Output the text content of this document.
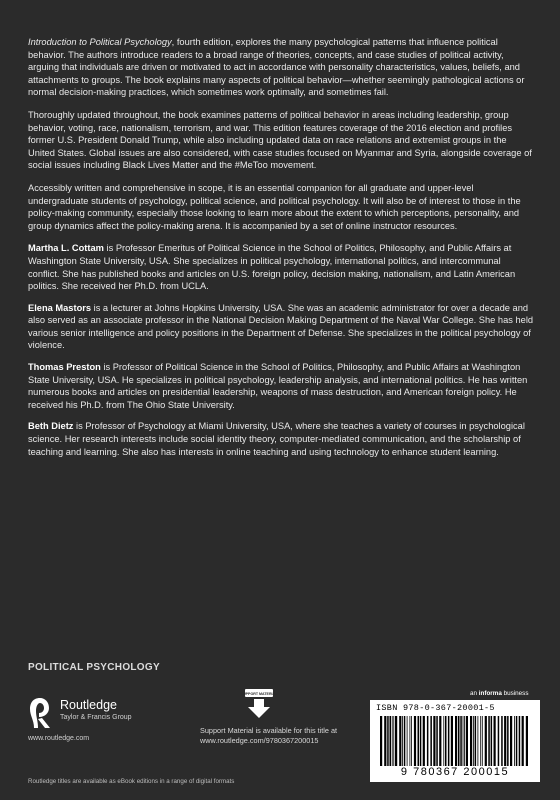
Introduction to Political Psychology, fourth edition, explores the many psychological patterns that influence political behavior. The authors introduce readers to a broad range of theories, concepts, and case studies of political activity, arguing that individuals are driven or motivated to act in accordance with personality characteristics, values, beliefs, and attachments to groups. The book explains many aspects of political behavior—whether seemingly pathological actions or normal decision-making practices, which sometimes work optimally, and sometimes fail.

Thoroughly updated throughout, the book examines patterns of political behavior in areas including leadership, group behavior, voting, race, nationalism, terrorism, and war. This edition features coverage of the 2016 election and profiles former U.S. President Donald Trump, while also including updated data on race relations and extremist groups in the United States. Global issues are also considered, with case studies focused on Myanmar and Syria, alongside coverage of social issues including Black Lives Matter and the #MeToo movement.

Accessibly written and comprehensive in scope, it is an essential companion for all graduate and upper-level undergraduate students of psychology, political science, and political psychology. It will also be of interest to those in the policy-making community, especially those looking to learn more about the extent to which perceptions, personality, and group dynamics affect the policy-making arena. It is accompanied by a set of online instructor resources.

Martha L. Cottam is Professor Emeritus of Political Science in the School of Politics, Philosophy, and Public Affairs at Washington State University, USA. She specializes in political psychology, international politics, and intercommunal conflict. She has published books and articles on U.S. foreign policy, decision making, nationalism, and Latin American politics. She received her Ph.D. from UCLA.

Elena Mastors is a lecturer at Johns Hopkins University, USA. She was an academic administrator for over a decade and also served as an associate professor in the National Decision Making Department of the Naval War College. She has held various senior intelligence and policy positions in the Department of Defense. She specializes in the political psychology of violence.

Thomas Preston is Professor of Political Science in the School of Politics, Philosophy, and Public Affairs at Washington State University, USA. He specializes in political psychology, leadership analysis, and international politics. He has written numerous books and articles on presidential leadership, weapons of mass destruction, and American foreign policy. He received his Ph.D. from The Ohio State University.

Beth Dietz is Professor of Psychology at Miami University, USA, where she teaches a variety of courses in psychological science. Her research interests include social identity theory, computer-mediated communication, and the scholarship of teaching and learning. She also has interests in online teaching and using technology to enhance student learning.

POLITICAL PSYCHOLOGY
Routledge
Taylor & Francis Group
www.routledge.com
SUPPORT MATERIAL
Support Material is available for this title at
www.routledge.com/9780367200015
an informa business
ISBN 978-0-367-20001-5
9 780367 200015
Routledge titles are available as eBook editions in a range of digital formats
